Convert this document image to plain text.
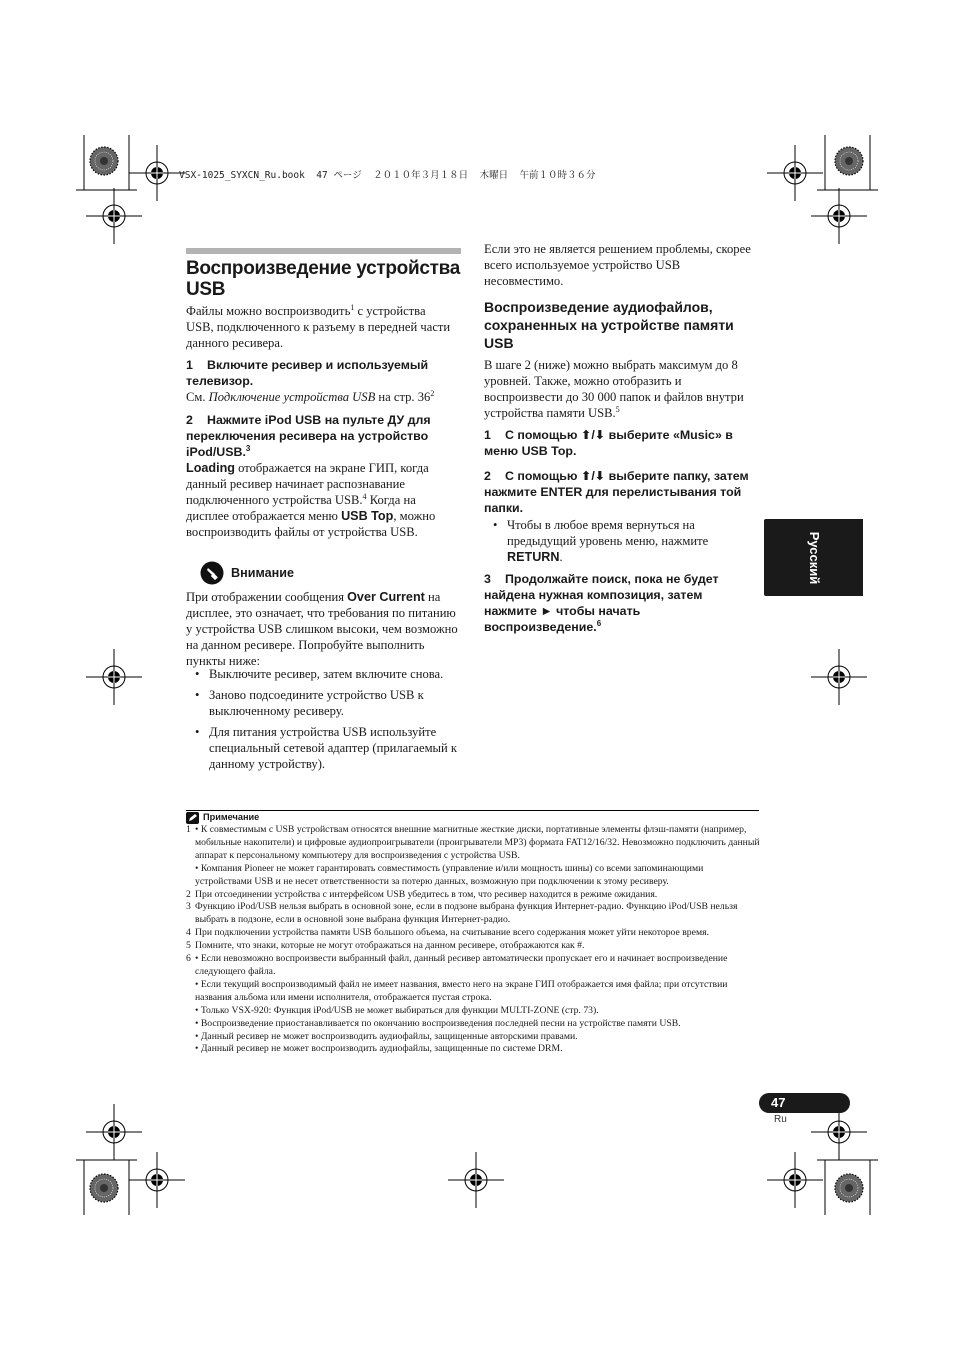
VSX-1025_SYXCN_Ru.book  47 ページ  ２０１０年３月１８日  木曜日  午前１０時３６分
Воспроизведение устройства
USB
Файлы можно воспроизводить$^1$ с устройства USB, подключенного к разъему в передней части данного ресивера.
1 Включите ресивер и используемый телевизор.
См. Подключение устройства USB на стр. $36^2$
2 Нажмите iPod USB на пульте ДУ для переключения ресивера на устройство iPod/USB.$^3$
Loading отображается на экране ГИП, когда данный ресивер начинает распознавание подключенного устройства USB.$^4$ Когда на дисплее отображается меню USB Top, можно воспроизводить файлы от устройства USB.
Внимание
При отображении сообщения Over Current на дисплее, это означает, что требования по питанию у устройства USB слишком высоки, чем возможно на данном ресивере. Попробуйте выполнить пункты ниже:
• Выключите ресивер, затем включите снова.
• Заново подсоедините устройство USB к выключенному ресиверу.
• Для питания устройства USB используйте специальный сетевой адаптер (прилагаемый к данному устройству).
Если это не является решением проблемы, скорее всего используемое устройство USB несовместимо.
Воспроизведение аудиофайлов, сохраненных на устройстве памяти USB
В шаге 2 (ниже) можно выбрать максимум до 8 уровней. Также, можно отобразить и воспроизвести до 30 000 папок и файлов внутри устройства памяти USB.$^5$
1 С помощью ⬆/⬇ выберите «Music» в меню USB Top.
2 С помощью ⬆/⬇ выберите папку, затем нажмите ENTER для перелистывания той папки.
• Чтобы в любое время вернуться на предыдущий уровень меню, нажмите RETURN.
3 Продолжайте поиск, пока не будет найдена нужная композиция, затем нажмите ► чтобы начать воспроизведение.$^6$
Русский
Примечание
1 • К совместимым с USB устройствам относятся внешние магнитные жесткие диски, портативные элементы флэш-памяти (например, мобильные накопители) и цифровые аудиопроигрыватели (проигрыватели MP3) формата FAT12/16/32. Невозможно подключить данный аппарат к персональному компьютеру для воспроизведения с устройства USB.
• Компания Pioneer не может гарантировать совместимость (управление и/или мощность шины) со всеми запоминающими устройствами USB и не несет ответственности за потерю данных, возможную при подключении к этому ресиверу.
2 При отсоединении устройства с интерфейсом USB убедитесь в том, что ресивер находится в режиме ожидания.
3 Функцию iPod/USB нельзя выбрать в основной зоне, если в подзоне выбрана функция Интернет-радио. Функцию iPod/USB нельзя выбрать в подзоне, если в основной зоне выбрана функция Интернет-радио.
4 При подключении устройства памяти USB большого объема, на считывание всего содержания может уйти некоторое время.
5 Помните, что знаки, которые не могут отображаться на данном ресивере, отображаются как #.
6 • Если невозможно воспроизвести выбранный файл, данный ресивер автоматически пропускает его и начинает воспроизведение следующего файла.
• Если текущий воспроизводимый файл не имеет названия, вместо него на экране ГИП отображается имя файла; при отсутствии названия альбома или имени исполнителя, отображается пустая строка.
• Только VSX-920: Функция iPod/USB не может выбираться для функции MULTI-ZONE (стр. 73).
• Воспроизведение приостанавливается по окончанию воспроизведения последней песни на устройстве памяти USB.
• Данный ресивер не может воспроизводить аудиофайлы, защищенные авторскими правами.
• Данный ресивер не может воспроизводить аудиофайлы, защищенные по системе DRM.
47
Ru
